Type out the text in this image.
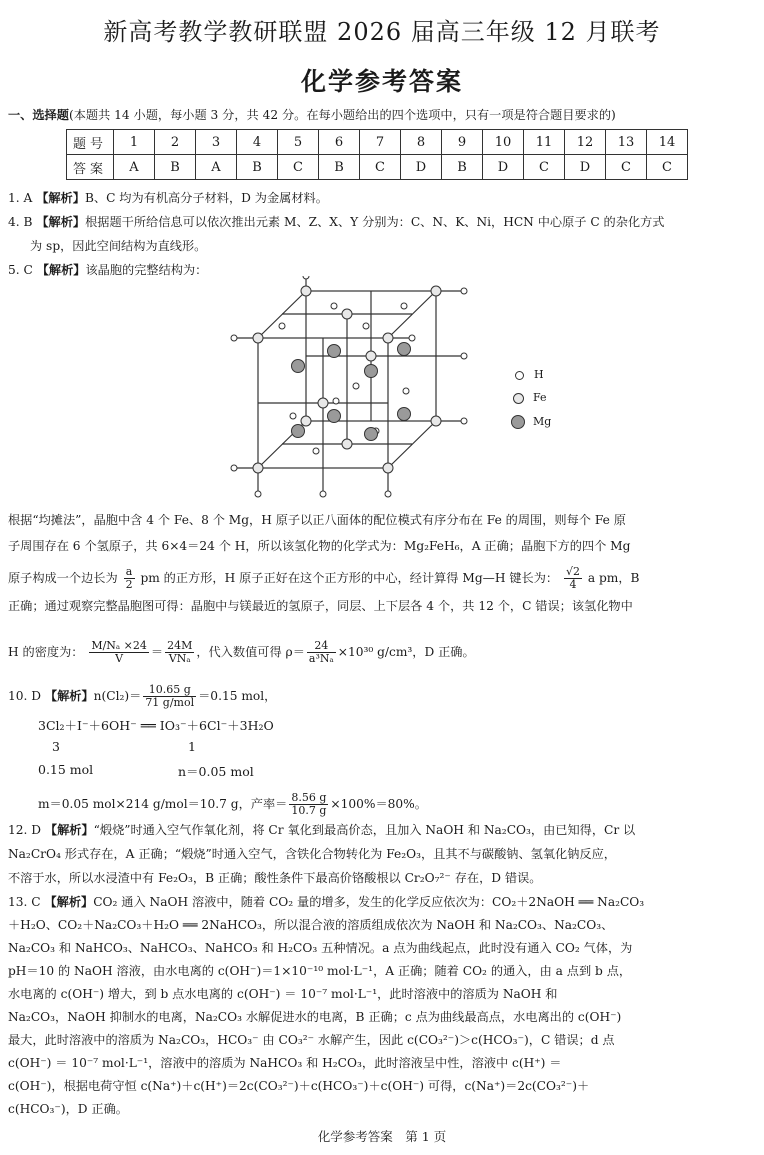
新高考教学教研联盟 2026 届高三年级 12 月联考
化学参考答案
一、选择题(本题共 14 小题，每小题 3 分，共 42 分。在每小题给出的四个选项中，只有一项是符合题目要求的)
题号	1	2	3	4	5	6	7	8	9	10	11	12	13	14
答案	A	B	A	B	C	B	C	D	B	D	C	D	C	C
1. A 【解析】B、C 均为有机高分子材料，D 为金属材料。
4. B 【解析】根据题干所给信息可以依次推出元素 M、Z、X、Y 分别为：C、N、K、Ni，HCN 中心原子 C 的杂化方式
为 sp，因此空间结构为直线形。
5. C 【解析】该晶胞的完整结构为：
H
Fe
Mg
根据“均摊法”，晶胞中含 4 个 Fe、8 个 Mg，H 原子以正八面体的配位模式有序分布在 Fe 的周围，则每个 Fe 原
子周围存在 6 个氢原子，共 6×4＝24 个 H，所以该氢化物的化学式为：Mg₂FeH₆，A 正确；晶胞下方的四个 Mg
原子构成一个边长为 $\frac{a}{2}$ pm 的正方形，H 原子正好在这个正方形的中心，经计算得 Mg—H 键长为： $\frac{√2}{4}$ a pm，B
正确；通过观察完整晶胞图可得：晶胞中与镁最近的氢原子，同层、上下层各 4 个，共 12 个，C 错误；该氢化物中
H 的密度为： $\frac{\text{M/Nₐ ×24}}{V} = \frac{24M}{\text{VNₐ}}$ ，代入数值可得 $\rho= \frac{24}{\text{a³Nₐ}} \times 10^{30}$ g/cm³，D 正确。
10. D 【解析】$n(Cl_2)= \frac{10.65 g}{\text{71 g/mol}} =0.15$ mol，
3Cl₂＋I⁻＋6OH⁻ ══ IO₃⁻＋6Cl⁻＋3H₂O
3	1
0.15 mol	n＝0.05 mol
m＝0.05 mol×214 g/mol＝10.7 g，产率＝ $\frac{8.56 g}{10.7 g} \times 100\%=80\%$。
12. D 【解析】“煅烧”时通入空气作氧化剂，将 Cr 氧化到最高价态，且加入 NaOH 和 Na₂CO₃，由已知得，Cr 以
Na₂CrO₄ 形式存在，A 正确；“煅烧”时通入空气，含铁化合物转化为 Fe₂O₃，且其不与碳酸钠、氢氧化钠反应，
不溶于水，所以水浸渣中有 Fe₂O₃，B 正确；酸性条件下最高价铬酸根以 Cr₂O₇²⁻ 存在，D 错误。
13. C 【解析】CO₂ 通入 NaOH 溶液中，随着 CO₂ 量的增多，发生的化学反应依次为：CO₂＋2NaOH ══ Na₂CO₃
＋H₂O、CO₂＋Na₂CO₃＋H₂O ══ 2NaHCO₃，所以混合液的溶质组成依次为 NaOH 和 Na₂CO₃、Na₂CO₃、
Na₂CO₃ 和 NaHCO₃、NaHCO₃、NaHCO₃ 和 H₂CO₃ 五种情况。a 点为曲线起点，此时没有通入 CO₂ 气体，为
pH＝10 的 NaOH 溶液，由水电离的 c(OH⁻)＝1×10⁻¹⁰ mol·L⁻¹，A 正确；随着 CO₂ 的通入，由 a 点到 b 点，
水电离的 c(OH⁻) 增大，到 b 点水电离的 c(OH⁻) ＝ 10⁻⁷ mol·L⁻¹，此时溶液中的溶质为 NaOH 和
Na₂CO₃，NaOH 抑制水的电离，Na₂CO₃ 水解促进水的电离，B 正确；c 点为曲线最高点，水电离出的 c(OH⁻)
最大，此时溶液中的溶质为 Na₂CO₃，HCO₃⁻ 由 CO₃²⁻ 水解产生，因此 c(CO₃²⁻)＞c(HCO₃⁻)，C 错误；d 点
c(OH⁻) ＝ 10⁻⁷ mol·L⁻¹，溶液中的溶质为 NaHCO₃ 和 H₂CO₃，此时溶液呈中性，溶液中 c(H⁺) ＝
c(OH⁻)，根据电荷守恒 c(Na⁺)＋c(H⁺)＝2c(CO₃²⁻)＋c(HCO₃⁻)＋c(OH⁻) 可得，c(Na⁺)＝2c(CO₃²⁻)＋
c(HCO₃⁻)，D 正确。
化学参考答案　第 1 页
